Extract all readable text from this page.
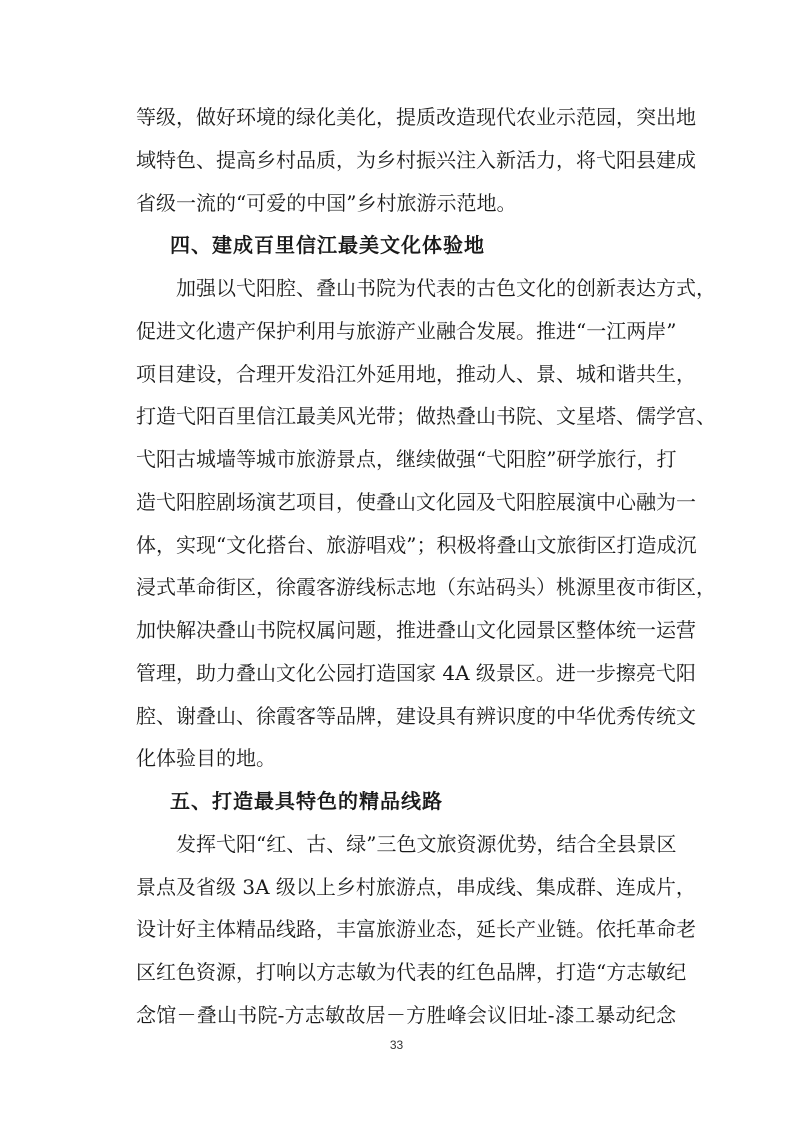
等级，做好环境的绿化美化，提质改造现代农业示范园，突出地
域特色、提高乡村品质，为乡村振兴注入新活力，将弋阳县建成
省级一流的“可爱的中国”乡村旅游示范地。
四、建成百里信江最美文化体验地
加强以弋阳腔、叠山书院为代表的古色文化的创新表达方式，
促进文化遗产保护利用与旅游产业融合发展。推进“一江两岸”
项目建设，合理开发沿江外延用地，推动人、景、城和谐共生，
打造弋阳百里信江最美风光带；做热叠山书院、文星塔、儒学宫、
弋阳古城墙等城市旅游景点，继续做强“弋阳腔”研学旅行，打
造弋阳腔剧场演艺项目，使叠山文化园及弋阳腔展演中心融为一
体，实现“文化搭台、旅游唱戏”；积极将叠山文旅街区打造成沉
浸式革命街区，徐霞客游线标志地（东站码头）桃源里夜市街区，
加快解决叠山书院权属问题，推进叠山文化园景区整体统一运营
管理，助力叠山文化公园打造国家 4A 级景区。进一步擦亮弋阳
腔、谢叠山、徐霞客等品牌，建设具有辨识度的中华优秀传统文
化体验目的地。
五、打造最具特色的精品线路
发挥弋阳“红、古、绿”三色文旅资源优势，结合全县景区
景点及省级 3A 级以上乡村旅游点，串成线、集成群、连成片，
设计好主体精品线路，丰富旅游业态，延长产业链。依托革命老
33
区红色资源，打响以方志敏为代表的红色品牌，打造“方志敏纪
念馆－叠山书院-方志敏故居－方胜峰会议旧址-漆工暴动纪念
